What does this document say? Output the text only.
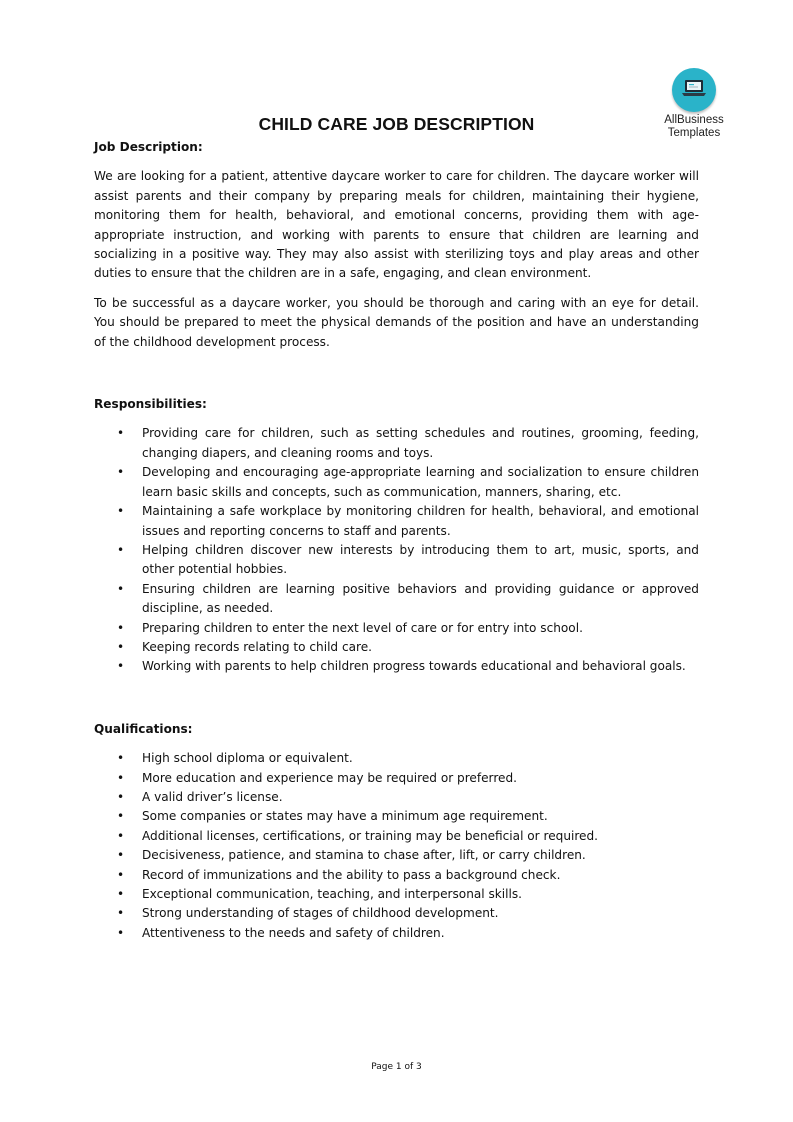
AllBusiness
Templates
CHILD CARE JOB DESCRIPTION

Job Description:

We are looking for a patient, attentive daycare worker to care for children. The daycare worker will assist parents and their company by preparing meals for children, maintaining their hygiene, monitoring them for health, behavioral, and emotional concerns, providing them with age-appropriate instruction, and working with parents to ensure that children are learning and socializing in a positive way. They may also assist with sterilizing toys and play areas and other duties to ensure that the children are in a safe, engaging, and clean environment.

To be successful as a daycare worker, you should be thorough and caring with an eye for detail. You should be prepared to meet the physical demands of the position and have an understanding of the childhood development process.

Responsibilities:

• Providing care for children, such as setting schedules and routines, grooming, feeding, changing diapers, and cleaning rooms and toys.
• Developing and encouraging age-appropriate learning and socialization to ensure children learn basic skills and concepts, such as communication, manners, sharing, etc.
• Maintaining a safe workplace by monitoring children for health, behavioral, and emotional issues and reporting concerns to staff and parents.
• Helping children discover new interests by introducing them to art, music, sports, and other potential hobbies.
• Ensuring children are learning positive behaviors and providing guidance or approved discipline, as needed.
• Preparing children to enter the next level of care or for entry into school.
• Keeping records relating to child care.
• Working with parents to help children progress towards educational and behavioral goals.

Qualifications:

• High school diploma or equivalent.
• More education and experience may be required or preferred.
• A valid driver’s license.
• Some companies or states may have a minimum age requirement.
• Additional licenses, certifications, or training may be beneficial or required.
• Decisiveness, patience, and stamina to chase after, lift, or carry children.
• Record of immunizations and the ability to pass a background check.
• Exceptional communication, teaching, and interpersonal skills.
• Strong understanding of stages of childhood development.
• Attentiveness to the needs and safety of children.
Page 1 of 3
